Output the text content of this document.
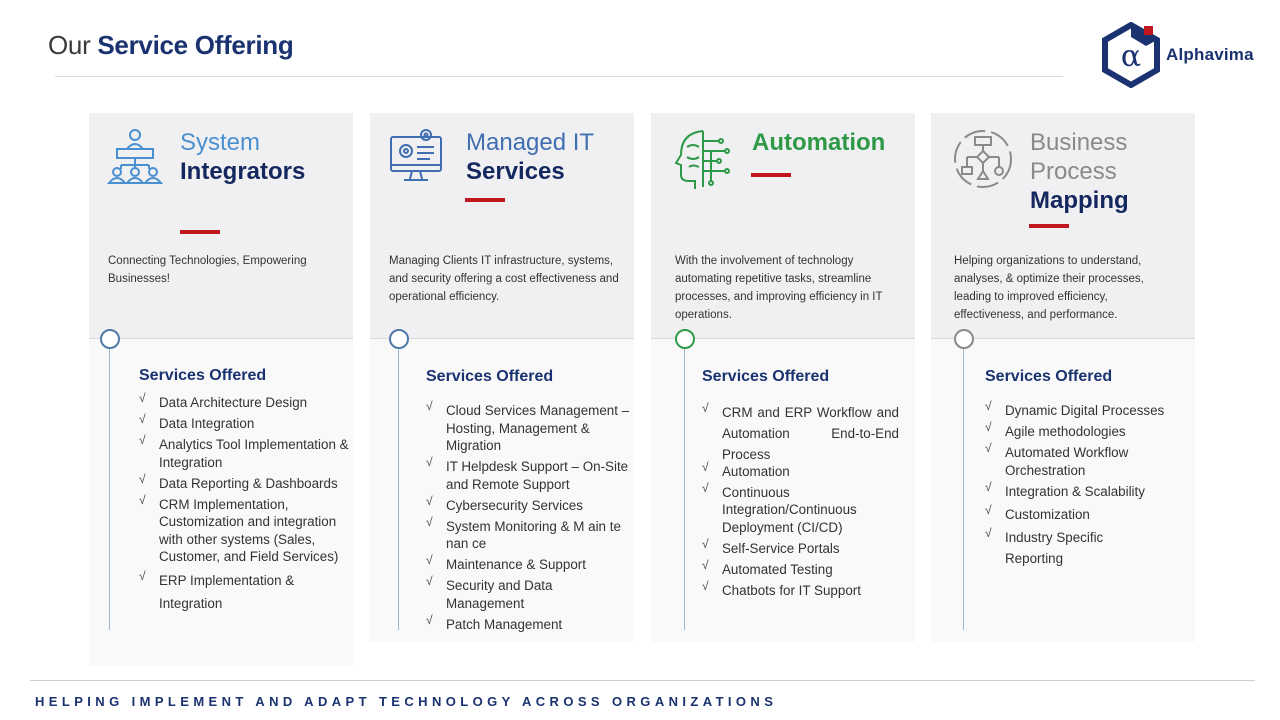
Our Service Offering	α Alphavima
System
Integrators
Connecting Technologies, Empowering Businesses!
Services Offered
√ Data Architecture Design
√ Data Integration
√ Analytics Tool Implementation & Integration
√ Data Reporting & Dashboards
√ CRM Implementation, Customization and integration with other systems (Sales, Customer, and Field Services)
√ ERP Implementation & Integration
Managed IT
Services
Managing Clients IT infrastructure, systems, and security offering a cost effectiveness and operational efficiency.
Services Offered
√ Cloud Services Management – Hosting, Management & Migration
√ IT Helpdesk Support – On-Site and Remote Support
√ Cybersecurity Services
√ System Monitoring & M ain te nan ce
√ Maintenance & Support
√ Security and Data Management
√ Patch Management
Automation
With the involvement of technology automating repetitive tasks, streamline processes, and improving efficiency in IT operations.
Services Offered
√ CRM and ERP Workflow and Automation End-to-End Process
√ Automation
√ Continuous Integration/Continuous Deployment (CI/CD)
√ Self-Service Portals
√ Automated Testing
√ Chatbots for IT Support
Business Process
Mapping
Helping organizations to understand, analyses, & optimize their processes, leading to improved efficiency, effectiveness, and performance.
Services Offered
√ Dynamic Digital Processes
√ Agile methodologies
√ Automated Workflow Orchestration
√ Integration & Scalability
√ Customization
√ Industry Specific Reporting
HELPING IMPLEMENT AND ADAPT TECHNOLOGY ACROSS ORGANIZATIONS
